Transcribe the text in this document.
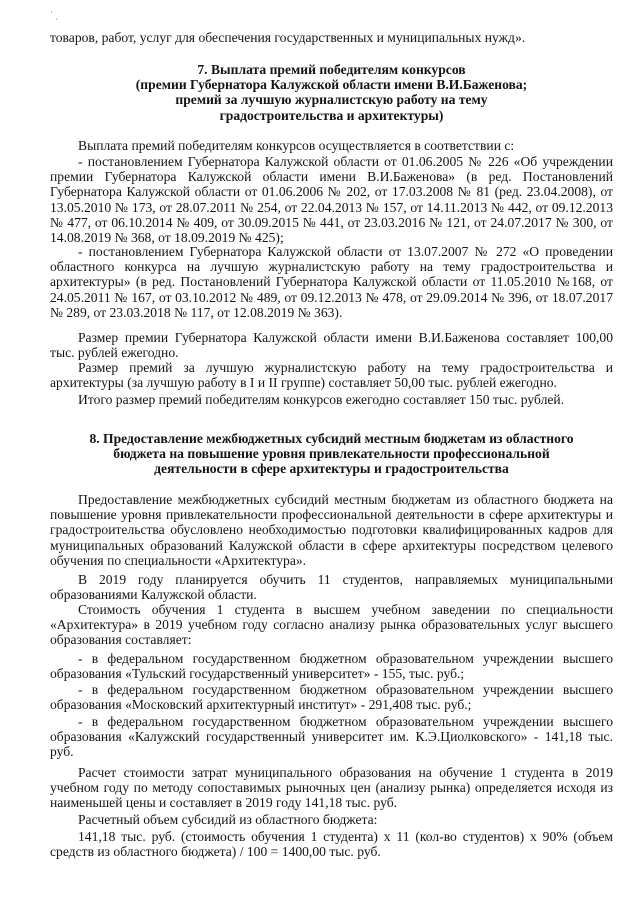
ˈ ˌ

товаров, работ, услуг для обеспечения государственных и муниципальных нужд».

7. Выплата премий победителям конкурсов
(премии Губернатора Калужской области имени В.И.Баженова;
премий за лучшую журналистскую работу на тему
градостроительства и архитектуры)

Выплата премий победителям конкурсов осуществляется в соответствии с:

- постановлением Губернатора Калужской области от 01.06.2005 № 226 «Об учреждении премии Губернатора Калужской области имени В.И.Баженова» (в ред. Постановлений Губернатора Калужской области от 01.06.2006 № 202, от 17.03.2008 № 81 (ред. 23.04.2008), от 13.05.2010 № 173, от 28.07.2011 № 254, от 22.04.2013 № 157, от 14.11.2013 № 442, от 09.12.2013 № 477, от 06.10.2014 № 409, от 30.09.2015 № 441, от 23.03.2016 № 121, от 24.07.2017 № 300, от 14.08.2019 № 368, от 18.09.2019 № 425);

- постановлением Губернатора Калужской области от 13.07.2007 № 272 «О проведении областного конкурса на лучшую журналистскую работу на тему градостроительства и архитектуры» (в ред. Постановлений Губернатора Калужской области от 11.05.2010 №168, от 24.05.2011 № 167, от 03.10.2012 № 489, от 09.12.2013 № 478, от 29.09.2014 № 396, от 18.07.2017 № 289, от 23.03.2018 № 117, от 12.08.2019 № 363).

Размер премии Губернатора Калужской области имени В.И.Баженова составляет 100,00 тыс. рублей ежегодно.

Размер премий за лучшую журналистскую работу на тему градостроительства и архитектуры (за лучшую работу в I и II группе) составляет 50,00 тыс. рублей ежегодно.

Итого размер премий победителям конкурсов ежегодно составляет 150 тыс. рублей.

8. Предоставление межбюджетных субсидий местным бюджетам из областного
бюджета на повышение уровня привлекательности профессиональной
деятельности в сфере архитектуры и градостроительства

Предоставление межбюджетных субсидий местным бюджетам из областного бюджета на повышение уровня привлекательности профессиональной деятельности в сфере архитектуры и градостроительства обусловлено необходимостью подготовки квалифицированных кадров для муниципальных образований Калужской области в сфере архитектуры посредством целевого обучения по специальности «Архитектура».

В 2019 году планируется обучить 11 студентов, направляемых муниципальными образованиями Калужской области.

Стоимость обучения 1 студента в высшем учебном заведении по специальности «Архитектура» в 2019 учебном году согласно анализу рынка образовательных услуг высшего образования составляет:

- в федеральном государственном бюджетном образовательном учреждении высшего образования «Тульский государственный университет» - 155, тыс. руб.;

- в федеральном государственном бюджетном образовательном учреждении высшего образования «Московский архитектурный институт» - 291,408 тыс. руб.;

- в федеральном государственном бюджетном образовательном учреждении высшего образования «Калужский государственный университет им. К.Э.Циолковского» - 141,18 тыс. руб.

Расчет стоимости затрат муниципального образования на обучение 1 студента в 2019 учебном году по методу сопоставимых рыночных цен (анализу рынка) определяется исходя из наименьшей цены и составляет в 2019 году 141,18 тыс. руб.

Расчетный объем субсидий из областного бюджета:

141,18 тыс. руб. (стоимость обучения 1 студента) x 11 (кол-во студентов) x 90% (объем средств из областного бюджета) / 100 = 1400,00 тыс. руб.
